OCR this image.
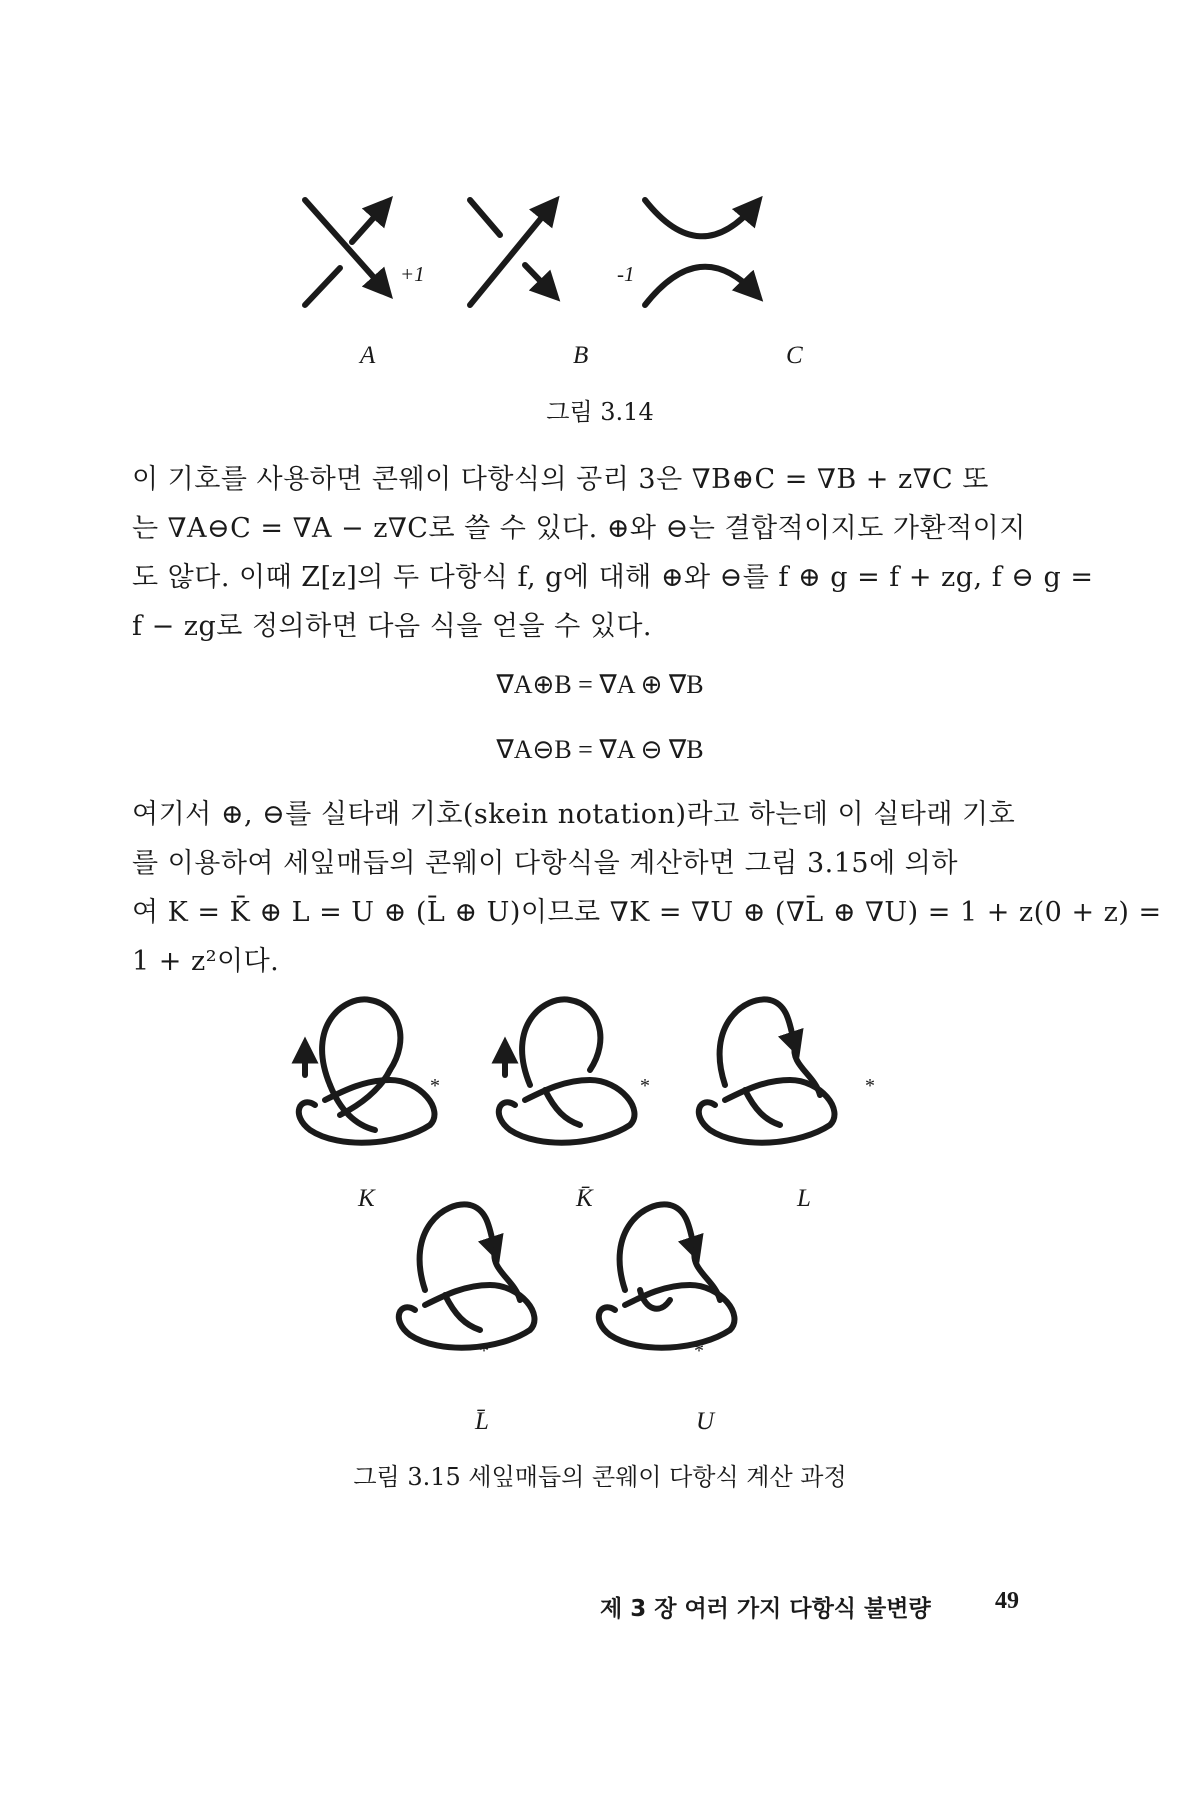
+1	-1
A	B	C
그림 3.14
이 기호를 사용하면 콘웨이 다항식의 공리 3은 ∇B⊕C = ∇B + z∇C 또
는 ∇A⊖C = ∇A − z∇C로 쓸 수 있다. ⊕와 ⊖는 결합적이지도 가환적이지
도 않다. 이때 Z[z]의 두 다항식 f, g에 대해 ⊕와 ⊖를 f ⊕ g = f + zg, f ⊖ g =
f − zg로 정의하면 다음 식을 얻을 수 있다.
∇A⊕B = ∇A ⊕ ∇B
∇A⊖B = ∇A ⊖ ∇B
여기서 ⊕, ⊖를 실타래 기호(skein notation)라고 하는데 이 실타래 기호
를 이용하여 세잎매듭의 콘웨이 다항식을 계산하면 그림 3.15에 의하
여 K = K̄ ⊕ L = U ⊕ (L̄ ⊕ U)이므로 ∇K = ∇U ⊕ (∇L̄ ⊕ ∇U) = 1 + z(0 + z) =
1 + z²이다.
*	*	*
*	*
K	K̄	L
L̄	U
그림 3.15 세잎매듭의 콘웨이 다항식 계산 과정
제 3 장 여러 가지 다항식 불변량	49
